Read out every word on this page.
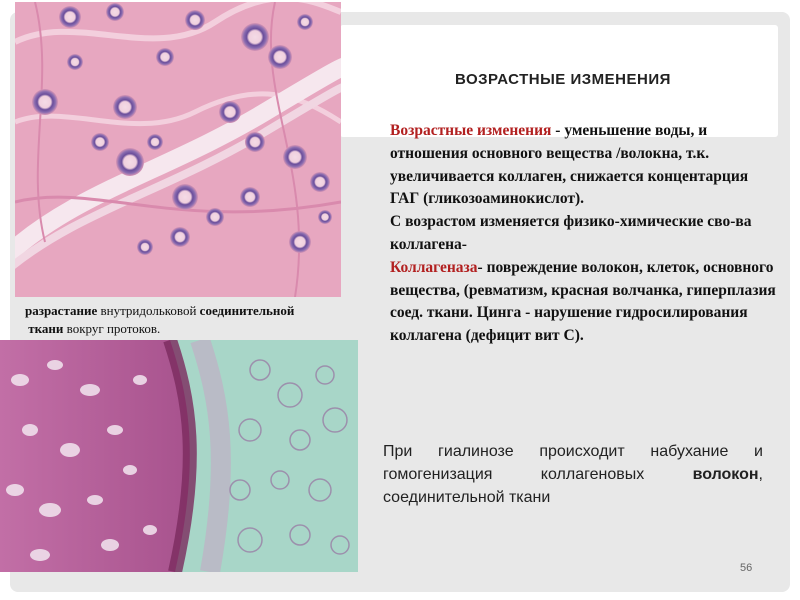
ВОЗРАСТНЫЕ ИЗМЕНЕНИЯ
разрастание внутридольковой соединительной
ткани вокруг протоков.
Возрастные изменения - уменьшение воды, и отношения основного вещества /волокна, т.к. увеличивается коллаген, снижается концентарция ГАГ (гликозоаминокислот).
С возрастом изменяется физико-химические сво-ва коллагена-
Коллагеназа- повреждение волокон, клеток, основного вещества, (ревматизм, красная волчанка, гиперплазия соед. ткани. Цинга - нарушение гидросилирования коллагена (дефицит вит С).
При гиалинозе происходит набухание и гомогенизация коллагеновых волокон, соединительной ткани
56
